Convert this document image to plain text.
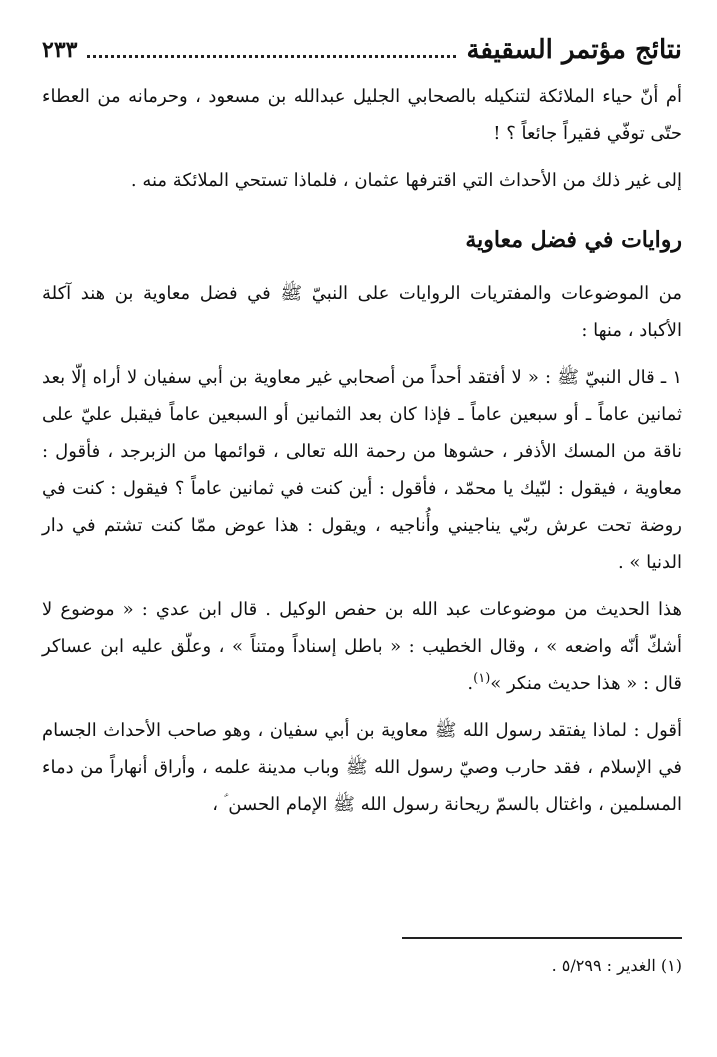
نتائج مؤتمر السقيفة
٢٣٣

أم أنّ حياء الملائكة لتنكيله بالصحابي الجليل عبدالله بن مسعود ، وحرمانه من العطاء حتّى توفّي فقيراً جائعاً ؟ !

إلى غير ذلك من الأحداث التي اقترفها عثمان ، فلماذا تستحي الملائكة منه .

روايات في فضل معاوية

من الموضوعات والمفتريات الروايات على النبيّ ﷺ في فضل معاوية بن هند آكلة الأكباد ، منها :

١ ـ قال النبيّ ﷺ : « لا أفتقد أحداً من أصحابي غير معاوية بن أبي سفيان لا أراه إلّا بعد ثمانين عاماً ـ أو سبعين عاماً ـ فإذا كان بعد الثمانين أو السبعين عاماً فيقبل عليّ على ناقة من المسك الأذفر ، حشوها من رحمة الله تعالى ، قوائمها من الزبرجد ، فأقول : معاوية ، فيقول : لبّيك يا محمّد ، فأقول : أين كنت في ثمانين عاماً ؟ فيقول : كنت في روضة تحت عرش ربّي يناجيني وأُناجيه ، ويقول : هذا عوض ممّا كنت تشتم في دار الدنيا » .

هذا الحديث من موضوعات عبد الله بن حفص الوكيل . قال ابن عدي : « موضوع لا أشكّ أنّه واضعه » ، وقال الخطيب : « باطل إسناداً ومتناً » ، وعلّق عليه ابن عساكر قال : « هذا حديث منكر »$^{(١)}$.

أقول : لماذا يفتقد رسول الله ﷺ معاوية بن أبي سفيان ، وهو صاحب الأحداث الجسام في الإسلام ، فقد حارب وصيّ رسول الله ﷺ وباب مدينة علمه ، وأراق أنهاراً من دماء المسلمين ، واغتال بالسمّ ريحانة رسول الله ﷺ الإمام الحسن ؑ ،

(١) الغدير : ٥/٢٩٩ .
